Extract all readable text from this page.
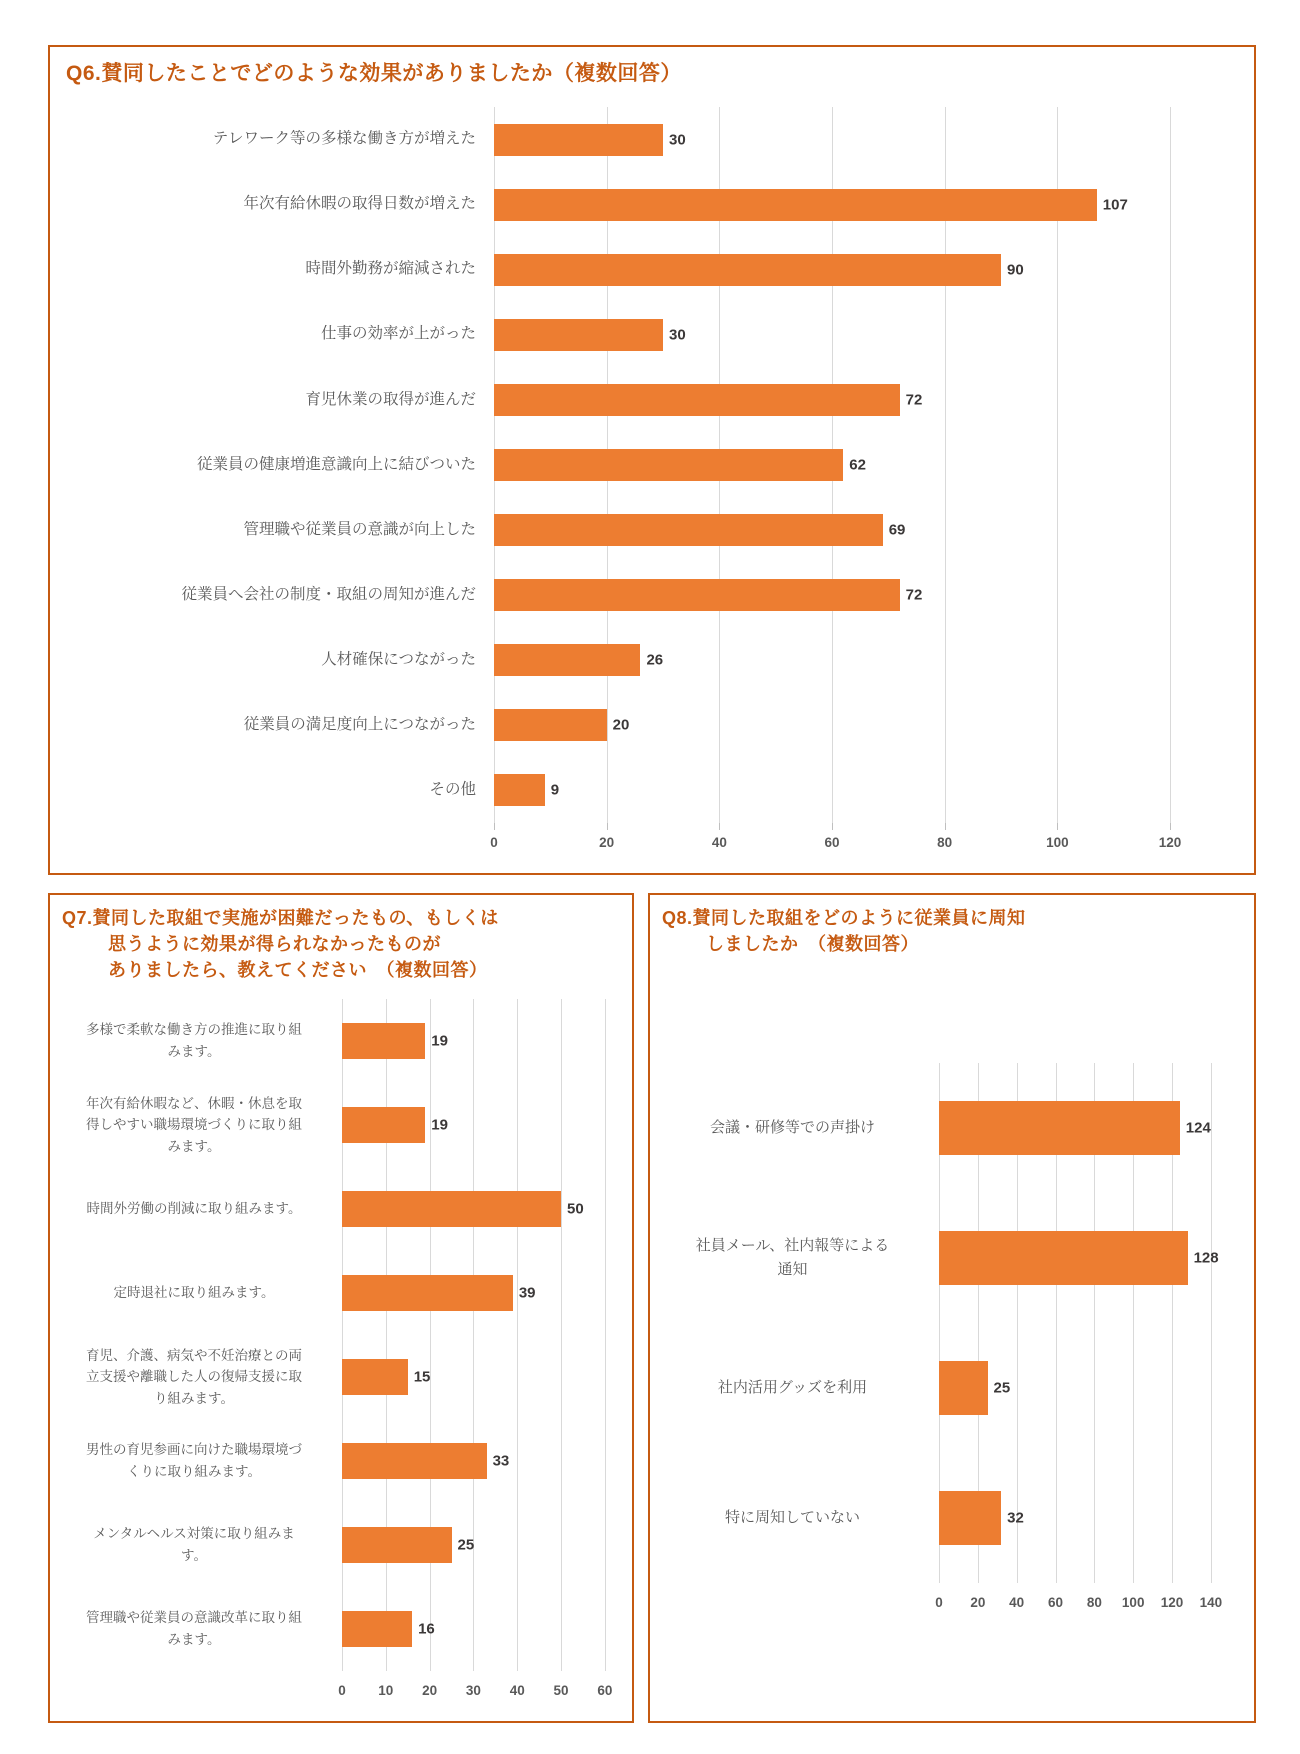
Q6.賛同したことでどのような効果がありましたか（複数回答）
テレワーク等の多様な働き方が増えた	30
年次有給休暇の取得日数が増えた	107
時間外勤務が縮減された	90
仕事の効率が上がった	30
育児休業の取得が進んだ	72
従業員の健康増進意識向上に結びついた	62
管理職や従業員の意識が向上した	69
従業員へ会社の制度・取組の周知が進んだ	72
人材確保につながった	26
従業員の満足度向上につながった	20
その他	9
0	20	40	60	80	100	120
Q7.賛同した取組で実施が困難だったもの、もしくは
思うように効果が得られなかったものが
ありましたら、教えてください　（複数回答）
多様で柔軟な働き方の推進に取り組
みます。
19
年次有給休暇など、休暇・休息を取
得しやすい職場環境づくりに取り組
みます。
19
時間外労働の削減に取り組みます。	50
定時退社に取り組みます。	39
育児、介護、病気や不妊治療との両
立支援や離職した人の復帰支援に取
り組みます。
15
男性の育児参画に向けた職場環境づ
くりに取り組みます。
33
メンタルヘルス対策に取り組みま
す。
25
管理職や従業員の意識改革に取り組
みます。
16
0 10 20 30 40 50 60
Q8.賛同した取組をどのように従業員に周知
しましたか　（複数回答）
会議・研修等での声掛け	124
社員メール、社内報等による
通知
128
社内活用グッズを利用	25
特に周知していない	32
0 20 40 60 80 100 120 140
